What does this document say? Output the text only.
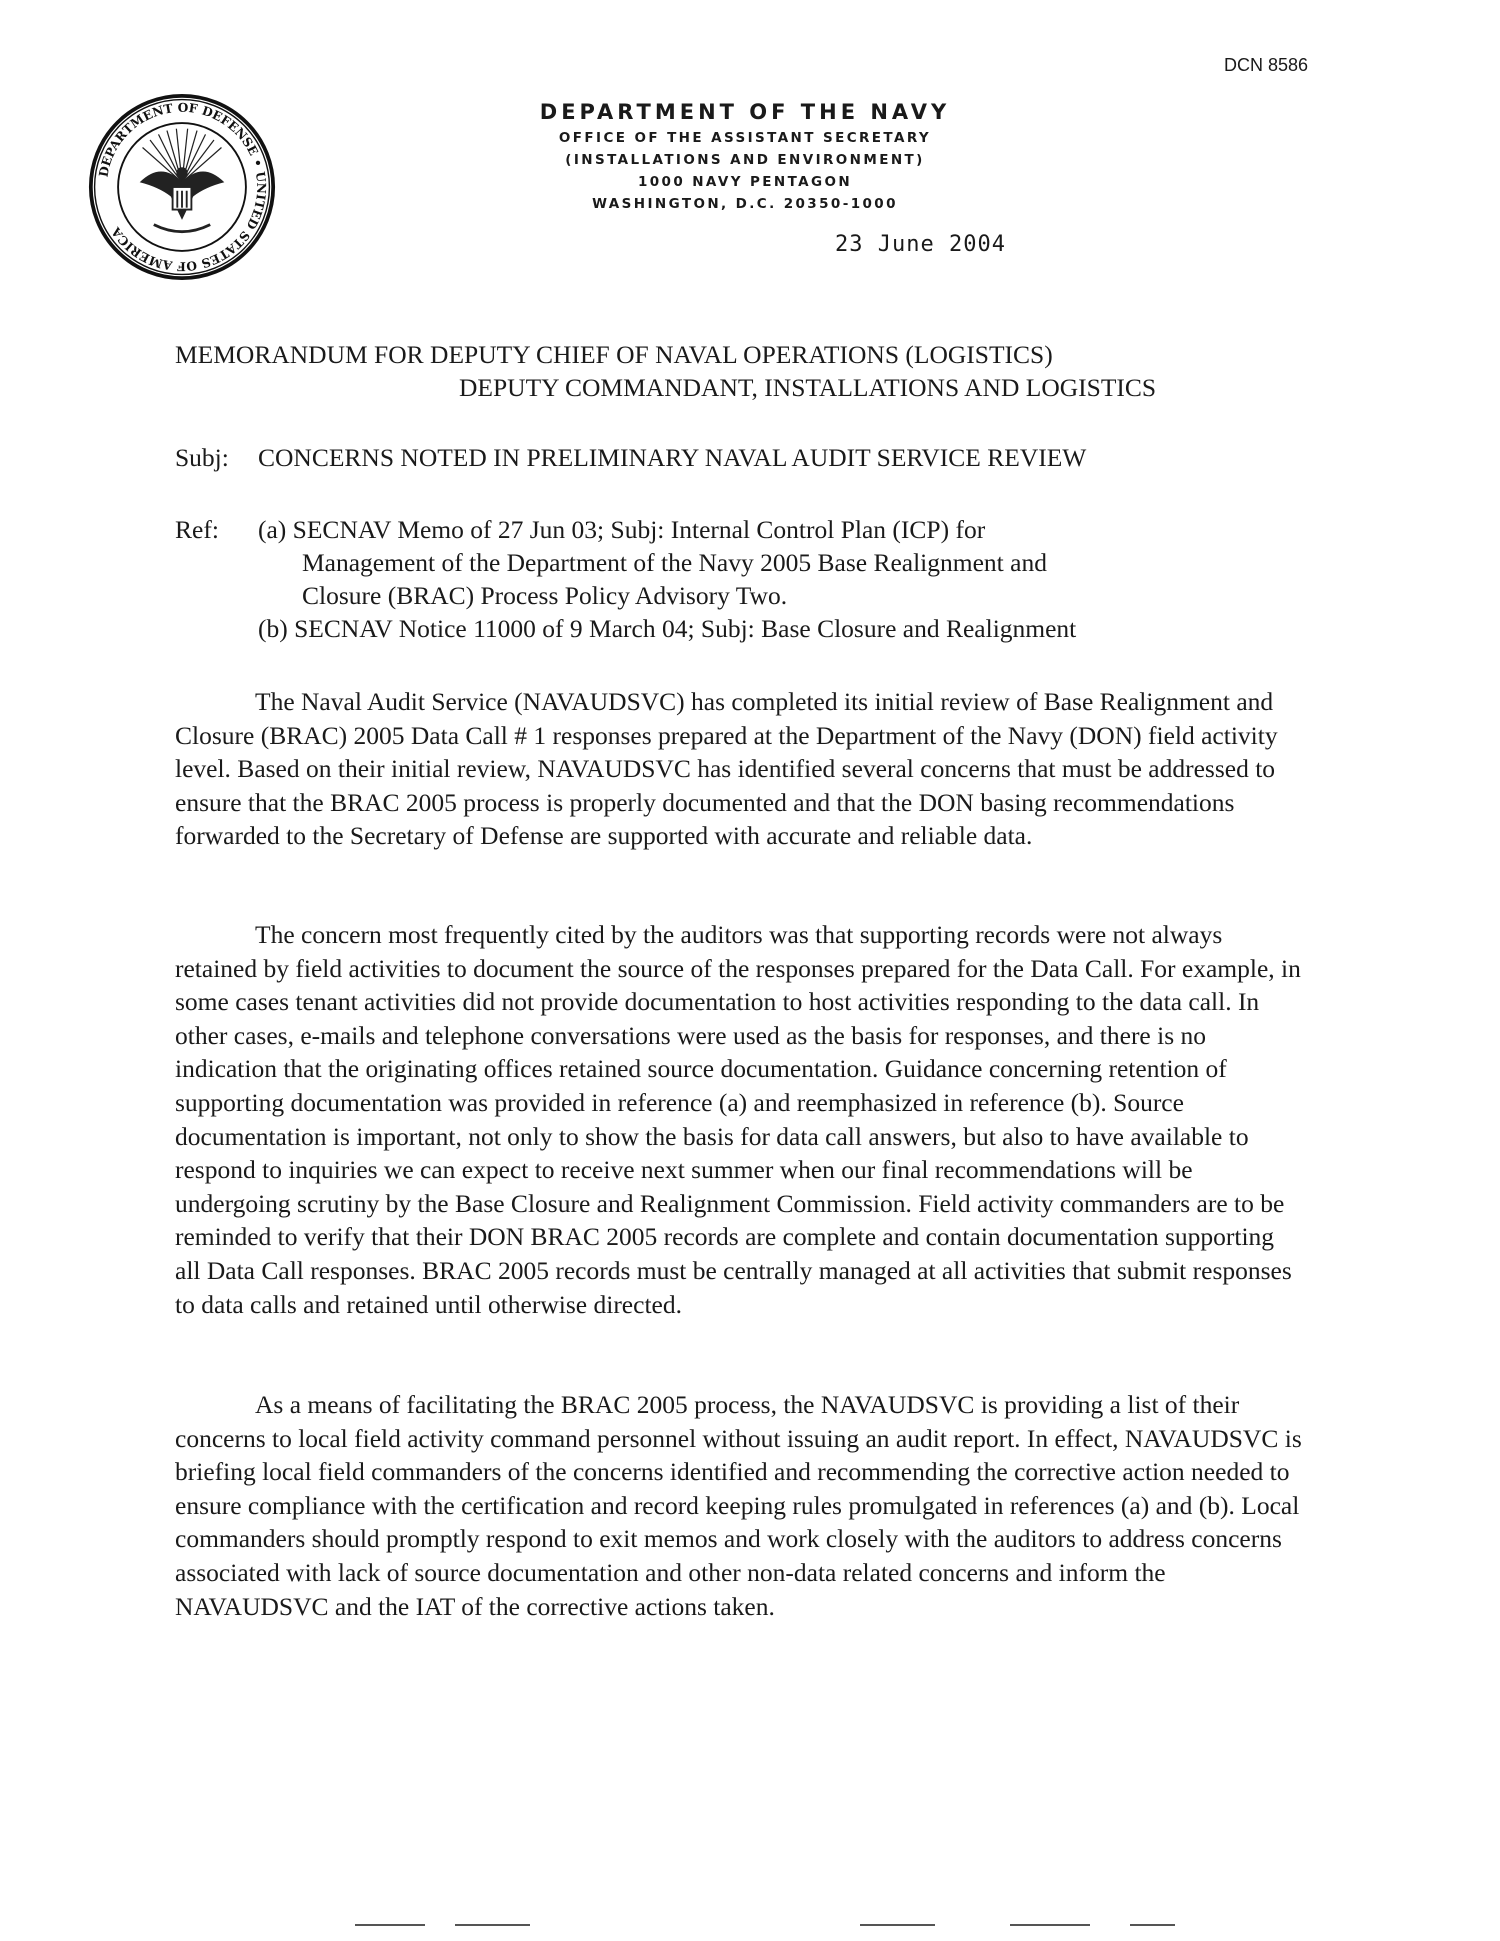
DEPARTMENT OF DEFENSE • UNITED STATES OF AMERICA
DEPARTMENT OF THE NAVY
OFFICE OF THE ASSISTANT SECRETARY
(INSTALLATIONS AND ENVIRONMENT)
1000 NAVY PENTAGON
WASHINGTON, D.C. 20350-1000
DCN 8586
23 June 2004
MEMORANDUM FOR DEPUTY CHIEF OF NAVAL OPERATIONS (LOGISTICS)
DEPUTY COMMANDANT, INSTALLATIONS AND LOGISTICS
Subj: CONCERNS NOTED IN PRELIMINARY NAVAL AUDIT SERVICE REVIEW
Ref: (a) SECNAV Memo of 27 Jun 03; Subj: Internal Control Plan (ICP) for
Management of the Department of the Navy 2005 Base Realignment and
Closure (BRAC) Process Policy Advisory Two.
(b) SECNAV Notice 11000 of 9 March 04; Subj: Base Closure and Realignment
The Naval Audit Service (NAVAUDSVC) has completed its initial review of Base Realignment and Closure (BRAC) 2005 Data Call # 1 responses prepared at the Department of the Navy (DON) field activity level. Based on their initial review, NAVAUDSVC has identified several concerns that must be addressed to ensure that the BRAC 2005 process is properly documented and that the DON basing recommendations forwarded to the Secretary of Defense are supported with accurate and reliable data.
The concern most frequently cited by the auditors was that supporting records were not always retained by field activities to document the source of the responses prepared for the Data Call. For example, in some cases tenant activities did not provide documentation to host activities responding to the data call. In other cases, e-mails and telephone conversations were used as the basis for responses, and there is no indication that the originating offices retained source documentation. Guidance concerning retention of supporting documentation was provided in reference (a) and reemphasized in reference (b). Source documentation is important, not only to show the basis for data call answers, but also to have available to respond to inquiries we can expect to receive next summer when our final recommendations will be undergoing scrutiny by the Base Closure and Realignment Commission. Field activity commanders are to be reminded to verify that their DON BRAC 2005 records are complete and contain documentation supporting all Data Call responses. BRAC 2005 records must be centrally managed at all activities that submit responses to data calls and retained until otherwise directed.
As a means of facilitating the BRAC 2005 process, the NAVAUDSVC is providing a list of their concerns to local field activity command personnel without issuing an audit report. In effect, NAVAUDSVC is briefing local field commanders of the concerns identified and recommending the corrective action needed to ensure compliance with the certification and record keeping rules promulgated in references (a) and (b). Local commanders should promptly respond to exit memos and work closely with the auditors to address concerns associated with lack of source documentation and other non-data related concerns and inform the NAVAUDSVC and the IAT of the corrective actions taken.
